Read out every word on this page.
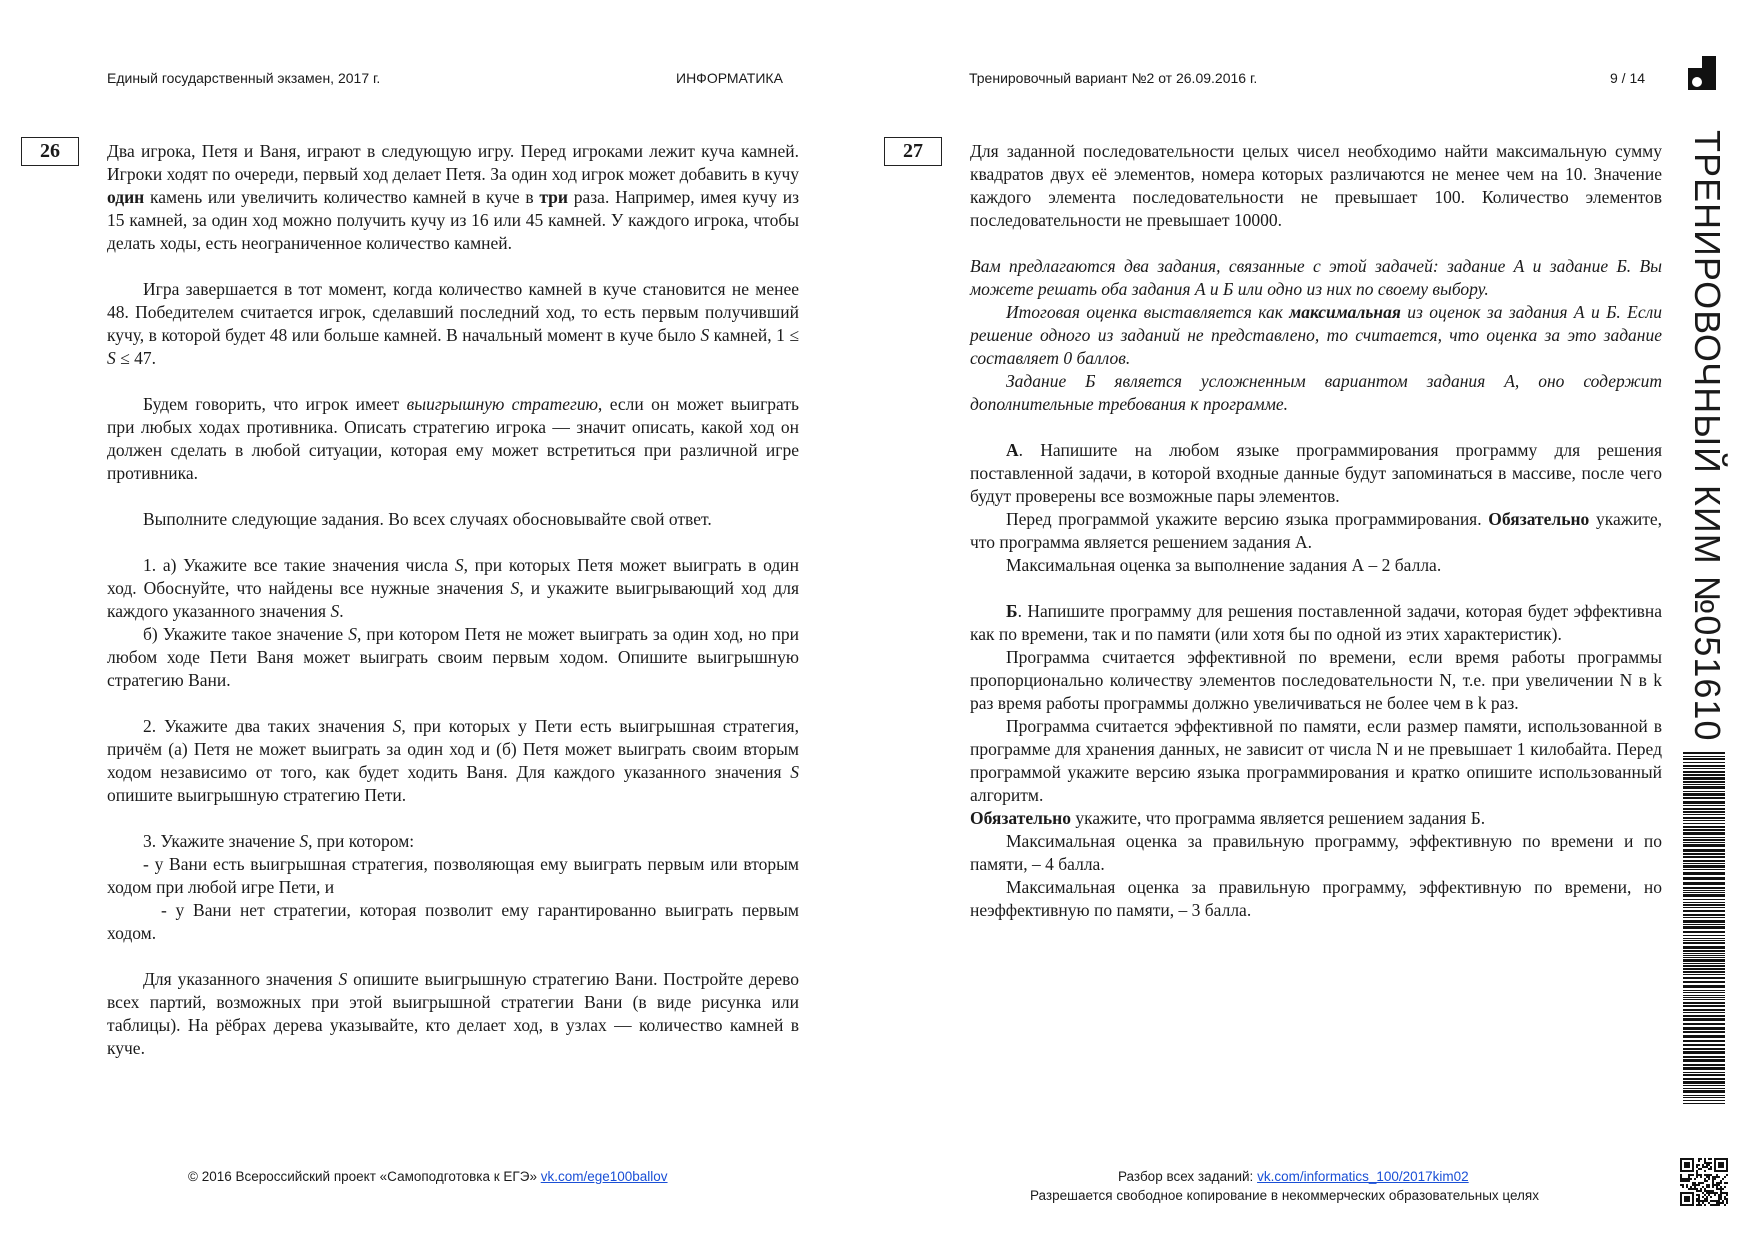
Единый государственный экзамен, 2017 г.	ИНФОРМАТИКА	Тренировочный вариант №2 от 26.09.2016 г.	9 / 14
26	Два игрока, Петя и Ваня, играют в следующую игру. Перед игроками лежит куча камней. Игроки ходят по очереди, первый ход делает Петя. За один ход игрок может добавить в кучу один камень или увеличить количество камней в куче в три раза. Например, имея кучу из 15 камней, за один ход можно получить кучу из 16 или 45 камней. У каждого игрока, чтобы делать ходы, есть неограниченное количество камней.

Игра завершается в тот момент, когда количество камней в куче становится не менее 48. Победителем считается игрок, сделавший последний ход, то есть первым получивший кучу, в которой будет 48 или больше камней. В начальный момент в куче было S камней, 1 ≤ S ≤ 47.

Будем говорить, что игрок имеет выигрышную стратегию, если он может выиграть при любых ходах противника. Описать стратегию игрока — значит описать, какой ход он должен сделать в любой ситуации, которая ему может встретиться при различной игре противника.

Выполните следующие задания. Во всех случаях обосновывайте свой ответ.

1. а) Укажите все такие значения числа S, при которых Петя может выиграть в один ход. Обоснуйте, что найдены все нужные значения S, и укажите выигрывающий ход для каждого указанного значения S.

б) Укажите такое значение S, при котором Петя не может выиграть за один ход, но при любом ходе Пети Ваня может выиграть своим первым ходом. Опишите выигрышную стратегию Вани.

2. Укажите два таких значения S, при которых у Пети есть выигрышная стратегия, причём (а) Петя не может выиграть за один ход и (б) Петя может выиграть своим вторым ходом независимо от того, как будет ходить Ваня. Для каждого указанного значения S опишите выигрышную стратегию Пети.

3. Укажите значение S, при котором:

- у Вани есть выигрышная стратегия, позволяющая ему выиграть первым или вторым ходом при любой игре Пети, и

- у Вани нет стратегии, которая позволит ему гарантированно выиграть первым ходом.

Для указанного значения S опишите выигрышную стратегию Вани. Постройте дерево всех партий, возможных при этой выигрышной стратегии Вани (в виде рисунка или таблицы). На рёбрах дерева указывайте, кто делает ход, в узлах — количество камней в куче.

27	Для заданной последовательности целых чисел необходимо найти максимальную сумму квадратов двух её элементов, номера которых различаются не менее чем на 10. Значение каждого элемента последовательности не превышает 100. Количество элементов последовательности не превышает 10000.

Вам предлагаются два задания, связанные с этой задачей: задание А и задание Б. Вы можете решать оба задания А и Б или одно из них по своему выбору.

Итоговая оценка выставляется как максимальная из оценок за задания А и Б. Если решение одного из заданий не представлено, то считается, что оценка за это задание составляет 0 баллов.

Задание Б является усложненным вариантом задания А, оно содержит дополнительные требования к программе.

А. Напишите на любом языке программирования программу для решения поставленной задачи, в которой входные данные будут запоминаться в массиве, после чего будут проверены все возможные пары элементов.

Перед программой укажите версию языка программирования. Обязательно укажите, что программа является решением задания А.

Максимальная оценка за выполнение задания А – 2 балла.

Б. Напишите программу для решения поставленной задачи, которая будет эффективна как по времени, так и по памяти (или хотя бы по одной из этих характеристик).

Программа считается эффективной по времени, если время работы программы пропорционально количеству элементов последовательности N, т.е. при увеличении N в k раз время работы программы должно увеличиваться не более чем в k раз.

Программа считается эффективной по памяти, если размер памяти, использованной в программе для хранения данных, не зависит от числа N и не превышает 1 килобайта. Перед программой укажите версию языка программирования и кратко опишите использованный алгоритм.

Обязательно укажите, что программа является решением задания Б.

Максимальная оценка за правильную программу, эффективную по времени и по памяти, – 4 балла.

Максимальная оценка за правильную программу, эффективную по времени, но неэффективную по памяти, – 3 балла.

ТРЕНИРОВОЧНЫЙ КИМ №051610
© 2016 Всероссийский проект «Самоподготовка к ЕГЭ» vk.com/ege100ballov	Разбор всех заданий: vk.com/informatics_100/2017kim02
Разрешается свободное копирование в некоммерческих образовательных целях
